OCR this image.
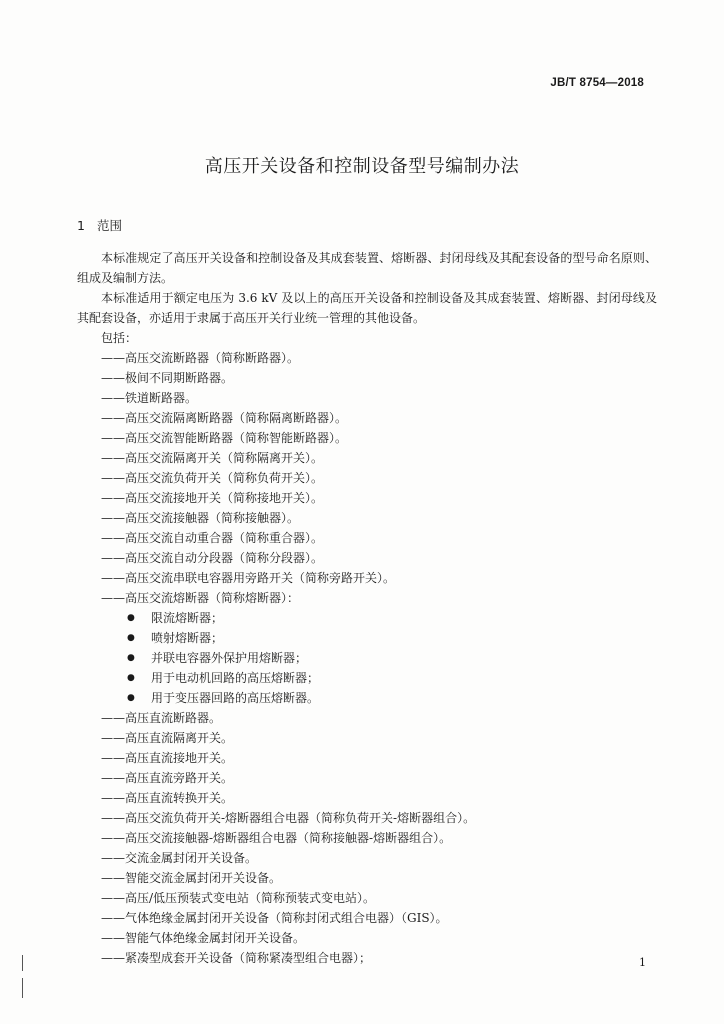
JB/T 8754—2018
高压开关设备和控制设备型号编制办法
1 范围

本标准规定了高压开关设备和控制设备及其成套装置、熔断器、封闭母线及其配套设备的型号命名原则、组成及编制方法。

本标准适用于额定电压为 3.6 kV 及以上的高压开关设备和控制设备及其成套装置、熔断器、封闭母线及其配套设备，亦适用于隶属于高压开关行业统一管理的其他设备。

包括：

——高压交流断路器（简称断路器）。
——极间不同期断路器。
——铁道断路器。
——高压交流隔离断路器（简称隔离断路器）。
——高压交流智能断路器（简称智能断路器）。
——高压交流隔离开关（简称隔离开关）。
——高压交流负荷开关（简称负荷开关）。
——高压交流接地开关（简称接地开关）。
——高压交流接触器（简称接触器）。
——高压交流自动重合器（简称重合器）。
——高压交流自动分段器（简称分段器）。
——高压交流串联电容器用旁路开关（简称旁路开关）。
——高压交流熔断器（简称熔断器）：
● 限流熔断器；
● 喷射熔断器；
● 并联电容器外保护用熔断器；
● 用于电动机回路的高压熔断器；
● 用于变压器回路的高压熔断器。
——高压直流断路器。
——高压直流隔离开关。
——高压直流接地开关。
——高压直流旁路开关。
——高压直流转换开关。
——高压交流负荷开关-熔断器组合电器（简称负荷开关-熔断器组合）。
——高压交流接触器-熔断器组合电器（简称接触器-熔断器组合）。
——交流金属封闭开关设备。
——智能交流金属封闭开关设备。
——高压/低压预装式变电站（简称预装式变电站）。
——气体绝缘金属封闭开关设备（简称封闭式组合电器）（GIS）。
——智能气体绝缘金属封闭开关设备。
——紧凑型成套开关设备（简称紧凑型组合电器）；	1
